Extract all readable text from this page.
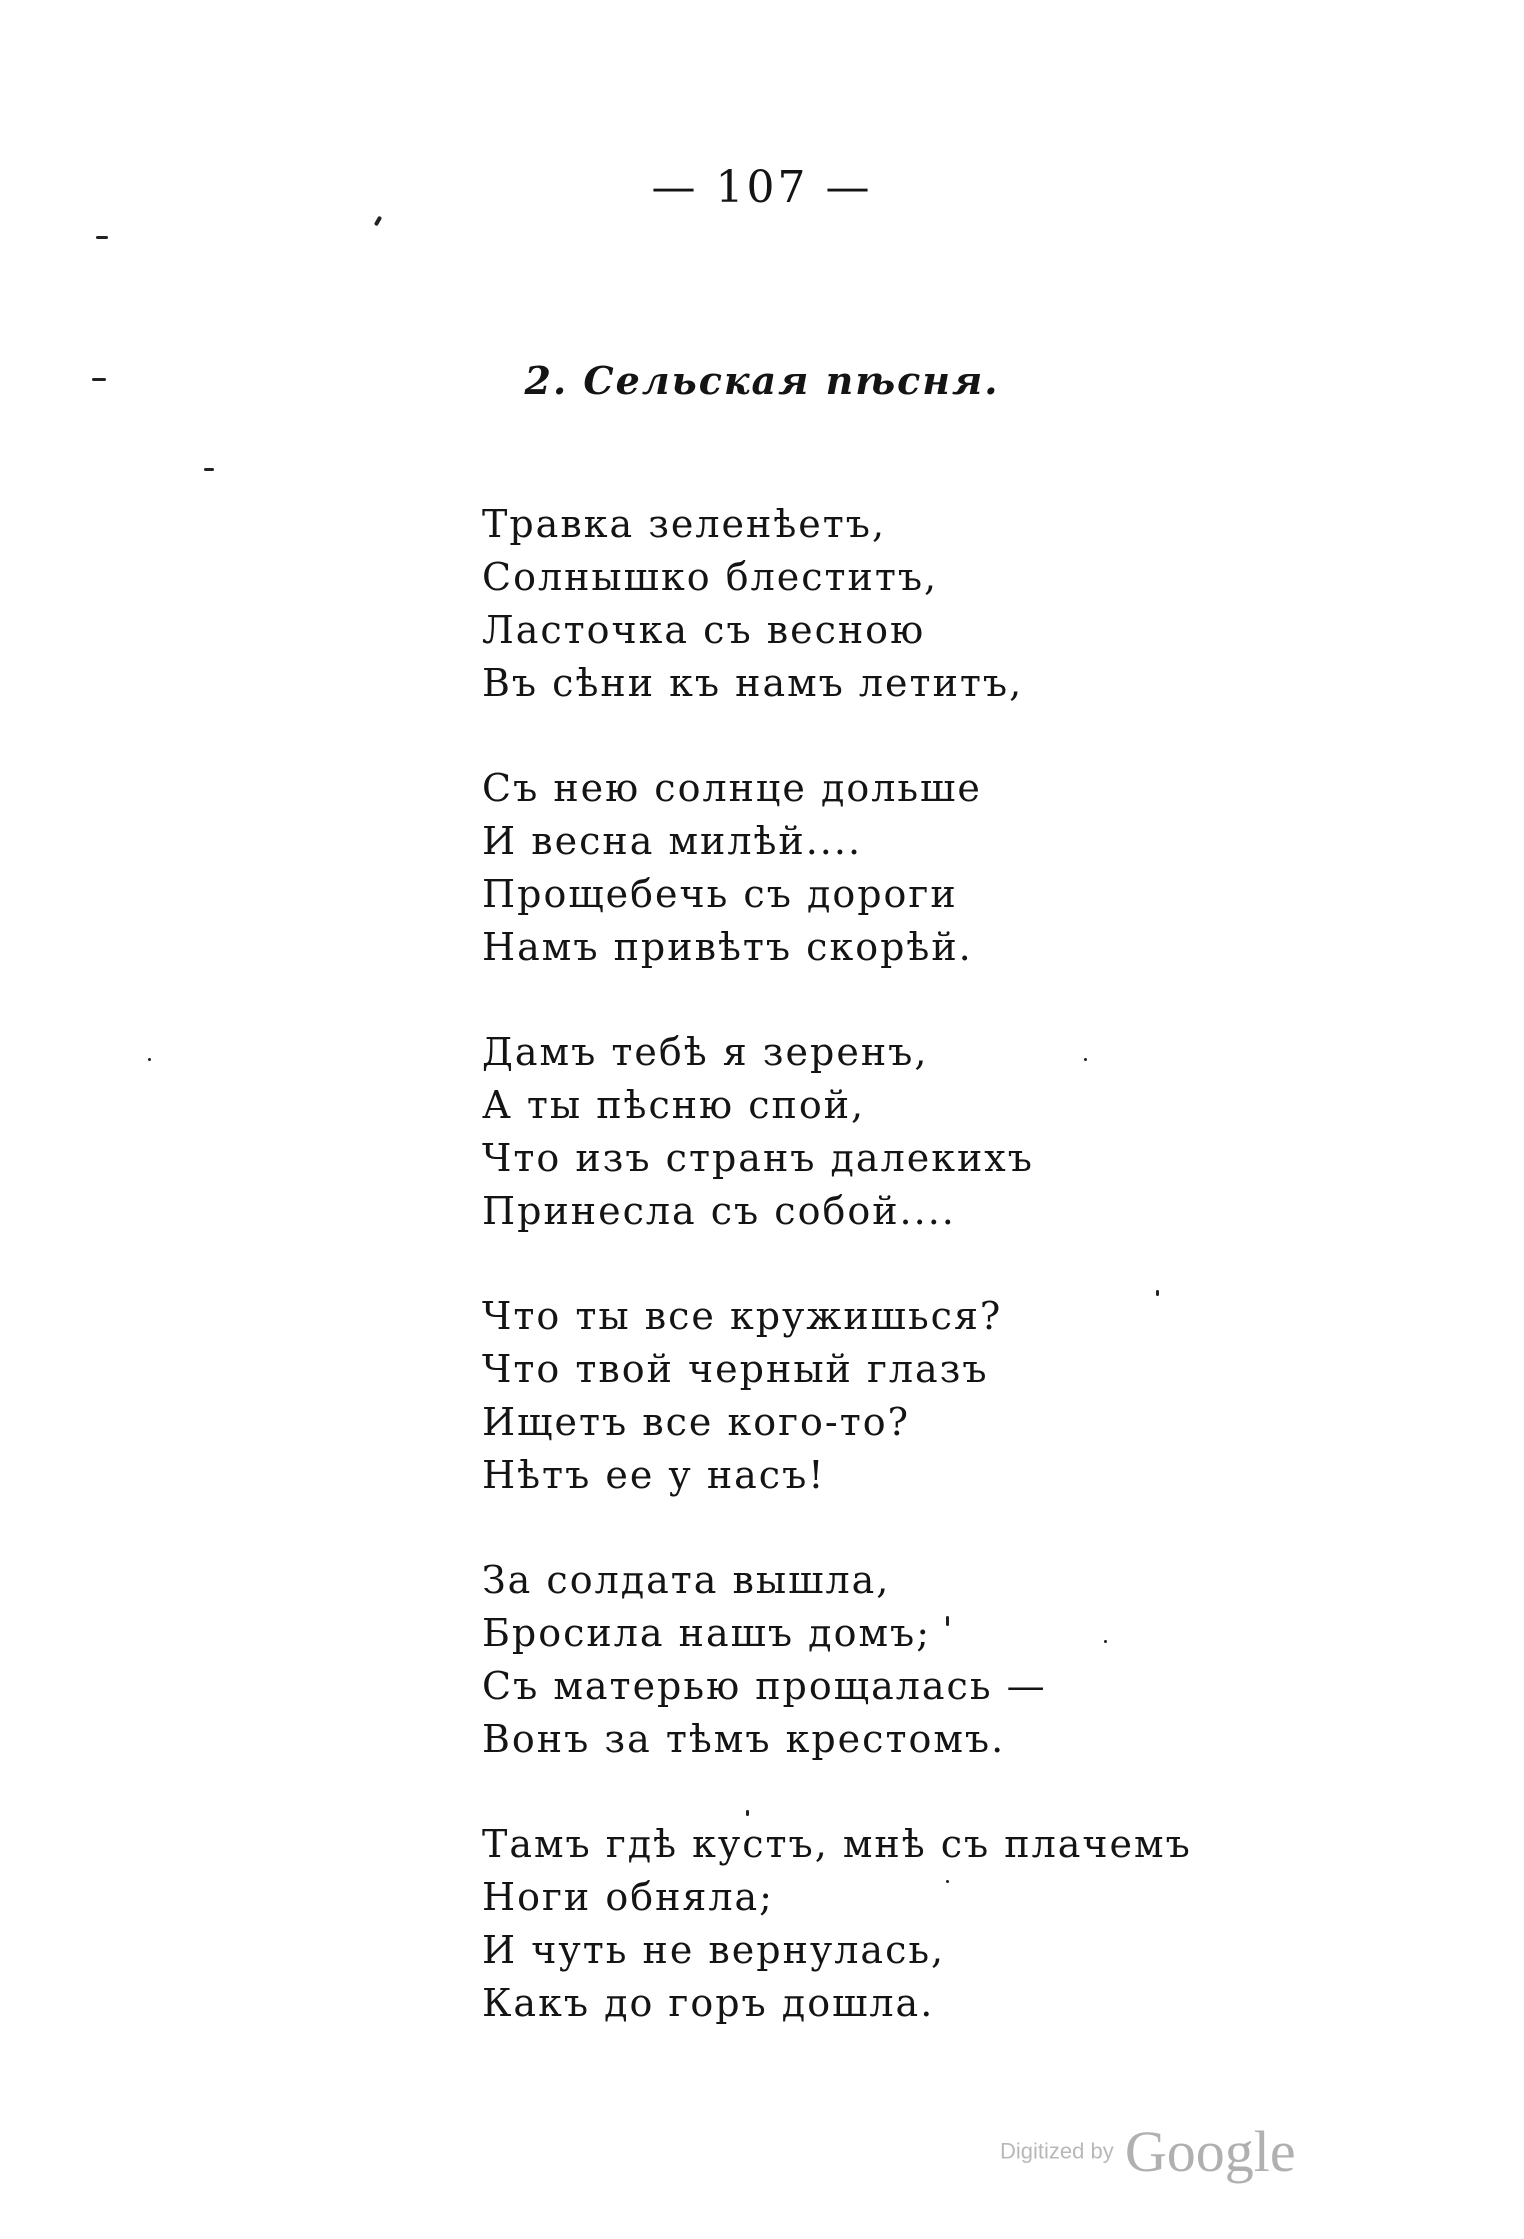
— 107 —
2. Сельская пѣсня.
Травка зеленѣетъ,
Солнышко блеститъ,
Ласточка съ весною
Въ сѣни къ намъ летитъ,
Съ нею солнце дольше
И весна милѣй....
Прощебечь съ дороги
Намъ привѣтъ скорѣй.
Дамъ тебѣ я зеренъ,
А ты пѣсню спой,
Что изъ странъ далекихъ
Принесла съ собой....
Что ты все кружишься?
Что твой черный глазъ
Ищетъ все кого-то?
Нѣтъ ее у насъ!
За солдата вышла,
Бросила нашъ домъ;
Съ матерью прощалась —
Вонъ за тѣмъ крестомъ.
Тамъ гдѣ кустъ, мнѣ съ плачемъ
Ноги обняла;
И чуть не вернулась,
Какъ до горъ дошла.
Digitized by Google
